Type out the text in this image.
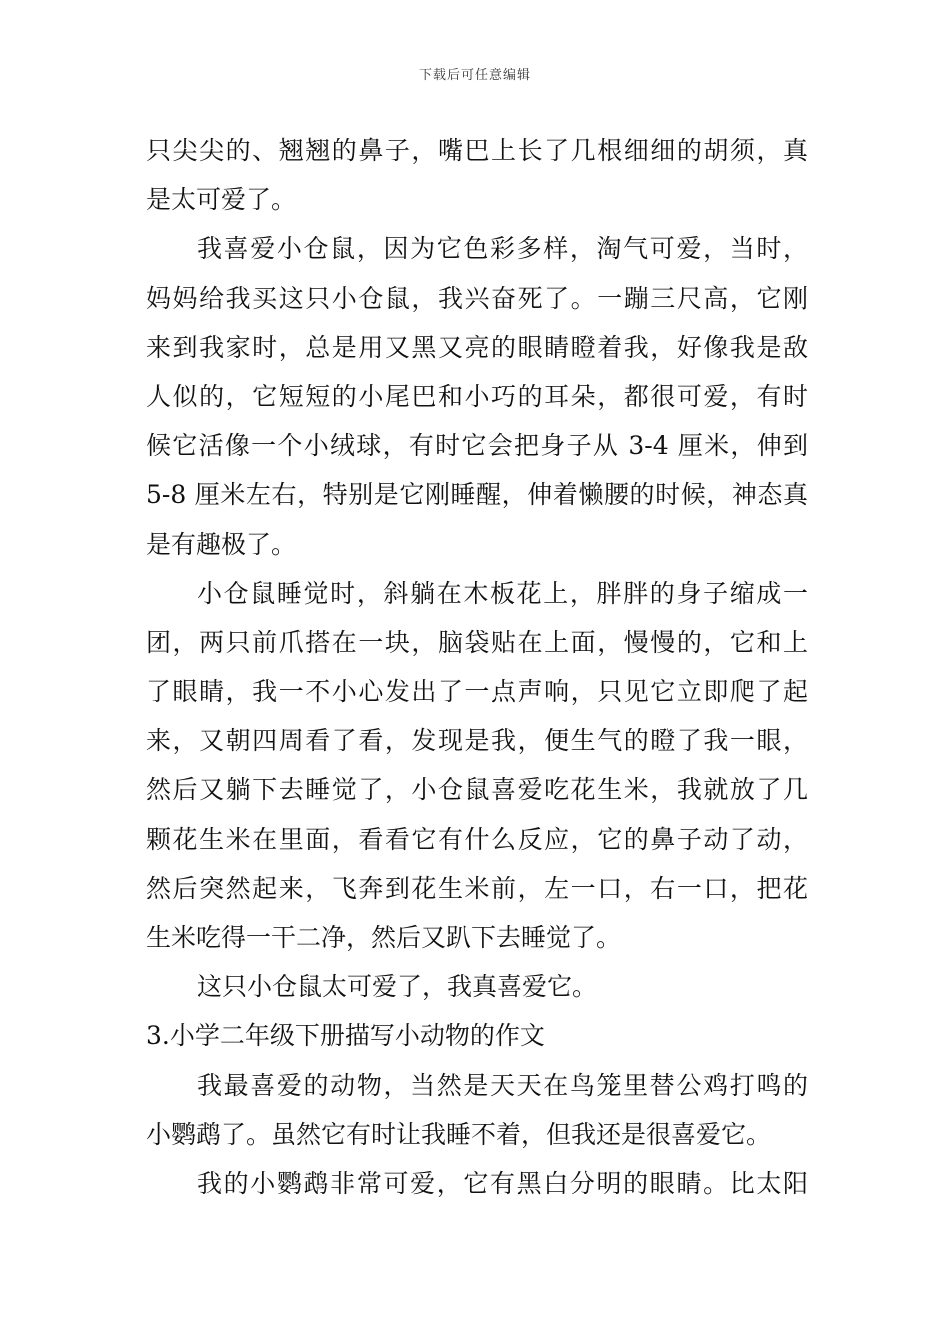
下载后可任意编辑
只尖尖的、翘翘的鼻子，嘴巴上长了几根细细的胡须，真
是太可爱了。
我喜爱小仓鼠，因为它色彩多样，淘气可爱，当时，
妈妈给我买这只小仓鼠，我兴奋死了。一蹦三尺高，它刚
来到我家时，总是用又黑又亮的眼睛瞪着我，好像我是敌
人似的，它短短的小尾巴和小巧的耳朵，都很可爱，有时
候它活像一个小绒球，有时它会把身子从 3-4 厘米，伸到
5-8 厘米左右，特别是它刚睡醒，伸着懒腰的时候，神态真
是有趣极了。
小仓鼠睡觉时，斜躺在木板花上，胖胖的身子缩成一
团，两只前爪搭在一块，脑袋贴在上面，慢慢的，它和上
了眼睛，我一不小心发出了一点声响，只见它立即爬了起
来，又朝四周看了看，发现是我，便生气的瞪了我一眼，
然后又躺下去睡觉了，小仓鼠喜爱吃花生米，我就放了几
颗花生米在里面，看看它有什么反应，它的鼻子动了动，
然后突然起来，飞奔到花生米前，左一口，右一口，把花
生米吃得一干二净，然后又趴下去睡觉了。
这只小仓鼠太可爱了，我真喜爱它。
3.小学二年级下册描写小动物的作文
我最喜爱的动物，当然是天天在鸟笼里替公鸡打鸣的
小鹦鹉了。虽然它有时让我睡不着，但我还是很喜爱它。
我的小鹦鹉非常可爱，它有黑白分明的眼睛。比太阳
